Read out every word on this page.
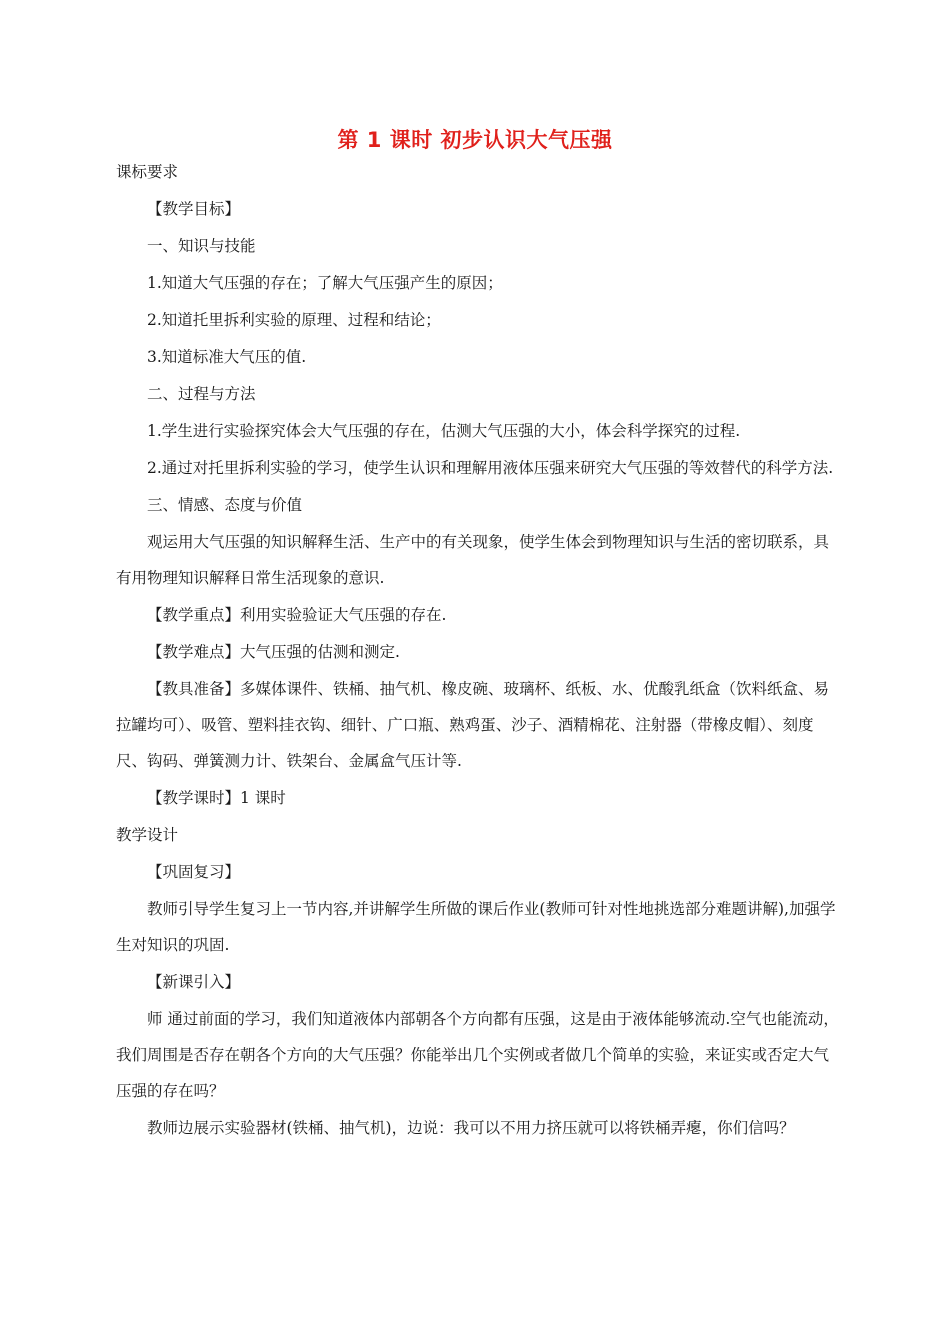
第 1 课时 初步认识大气压强
课标要求
【教学目标】
一、知识与技能
1.知道大气压强的存在；了解大气压强产生的原因；
2.知道托里拆利实验的原理、过程和结论；
3.知道标准大气压的值.
二、过程与方法
1.学生进行实验探究体会大气压强的存在，估测大气压强的大小，体会科学探究的过程.
2.通过对托里拆利实验的学习，使学生认识和理解用液体压强来研究大气压强的等效替代的科学方法.
三、情感、态度与价值
观运用大气压强的知识解释生活、生产中的有关现象，使学生体会到物理知识与生活的密切联系，具有用物理知识解释日常生活现象的意识.
【教学重点】利用实验验证大气压强的存在.
【教学难点】大气压强的估测和测定.
【教具准备】多媒体课件、铁桶、抽气机、橡皮碗、玻璃杯、纸板、水、优酸乳纸盒（饮料纸盒、易拉罐均可）、吸管、塑料挂衣钩、细针、广口瓶、熟鸡蛋、沙子、酒精棉花、注射器（带橡皮帽）、刻度尺、钩码、弹簧测力计、铁架台、金属盒气压计等.
【教学课时】1 课时
教学设计
【巩固复习】
教师引导学生复习上一节内容,并讲解学生所做的课后作业(教师可针对性地挑选部分难题讲解),加强学生对知识的巩固.
【新课引入】
师 通过前面的学习，我们知道液体内部朝各个方向都有压强，这是由于液体能够流动.空气也能流动，我们周围是否存在朝各个方向的大气压强？你能举出几个实例或者做几个简单的实验，来证实或否定大气压强的存在吗？
教师边展示实验器材(铁桶、抽气机)，边说：我可以不用力挤压就可以将铁桶弄瘪，你们信吗？
